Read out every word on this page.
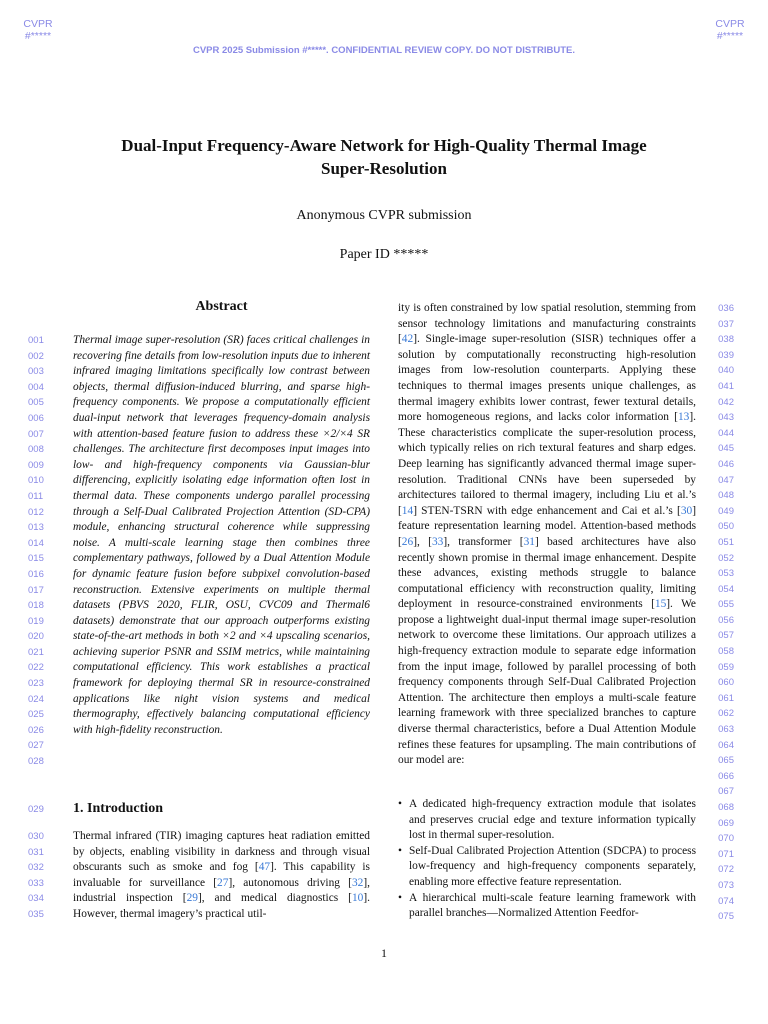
CVPR
#*****
CVPR
#*****
CVPR 2025 Submission #*****. CONFIDENTIAL REVIEW COPY. DO NOT DISTRIBUTE.
Dual-Input Frequency-Aware Network for High-Quality Thermal Image
Super-Resolution
Anonymous CVPR submission
Paper ID *****
Abstract
Thermal image super-resolution (SR) faces critical challenges in recovering fine details from low-resolution inputs due to inherent infrared imaging limitations specifically low contrast between objects, thermal diffusion-induced blurring, and sparse high-frequency components. We propose a computationally efficient dual-input network that leverages frequency-domain analysis with attention-based feature fusion to address these ×2/×4 SR challenges. The architecture first decomposes input images into low- and high-frequency components via Gaussian-blur differencing, explicitly isolating edge information often lost in thermal data. These components undergo parallel processing through a Self-Dual Calibrated Projection Attention (SD-CPA) module, enhancing structural coherence while suppressing noise. A multi-scale learning stage then combines three complementary pathways, followed by a Dual Attention Module for dynamic feature fusion before subpixel convolution-based reconstruction. Extensive experiments on multiple thermal datasets (PBVS 2020, FLIR, OSU, CVC09 and Thermal6 datasets) demonstrate that our approach outperforms existing state-of-the-art methods in both ×2 and ×4 upscaling scenarios, achieving superior PSNR and SSIM metrics, while maintaining computational efficiency. This work establishes a practical framework for deploying thermal SR in resource-constrained applications like night vision systems and medical thermography, effectively balancing computational efficiency with high-fidelity reconstruction.
001
002
003
004
005
006
007
008
009
010
011
012
013
014
015
016
017
018
019
020
021
022
023
024
025
026
027
028
1. Introduction
029
Thermal infrared (TIR) imaging captures heat radiation emitted by objects, enabling visibility in darkness and through visual obscurants such as smoke and fog [47]. This capability is invaluable for surveillance [27], autonomous driving [32], industrial inspection [29], and medical diagnostics [10]. However, thermal imagery’s practical util-
030
031
032
033
034
035
ity is often constrained by low spatial resolution, stemming from sensor technology limitations and manufacturing constraints [42]. Single-image super-resolution (SISR) techniques offer a solution by computationally reconstructing high-resolution images from low-resolution counterparts. Applying these techniques to thermal images presents unique challenges, as thermal imagery exhibits lower contrast, fewer textural details, more homogeneous regions, and lacks color information [13]. These characteristics complicate the super-resolution process, which typically relies on rich textural features and sharp edges. Deep learning has significantly advanced thermal image super-resolution. Traditional CNNs have been superseded by architectures tailored to thermal imagery, including Liu et al.’s [14] STEN-TSRN with edge enhancement and Cai et al.’s [30] feature representation learning model. Attention-based methods [26], [33], transformer [31] based architectures have also recently shown promise in thermal image enhancement. Despite these advances, existing methods struggle to balance computational efficiency with reconstruction quality, limiting deployment in resource-constrained environments [15]. We propose a lightweight dual-input thermal image super-resolution network to overcome these limitations. Our approach utilizes a high-frequency extraction module to separate edge information from the input image, followed by parallel processing of both frequency components through Self-Dual Calibrated Projection Attention. The architecture then employs a multi-scale feature learning framework with three specialized branches to capture diverse thermal characteristics, before a Dual Attention Module refines these features for upsampling. The main contributions of our model are:
• A dedicated high-frequency extraction module that isolates and preserves crucial edge and texture information typically lost in thermal super-resolution.
• Self-Dual Calibrated Projection Attention (SDCPA) to process low-frequency and high-frequency components separately, enabling more effective feature representation.
• A hierarchical multi-scale feature learning framework with parallel branches—Normalized Attention Feedfor-
036
037
038
039
040
041
042
043
044
045
046
047
048
049
050
051
052
053
054
055
056
057
058
059
060
061
062
063
064
065
066
067
068
069
070
071
072
073
074
075
1
